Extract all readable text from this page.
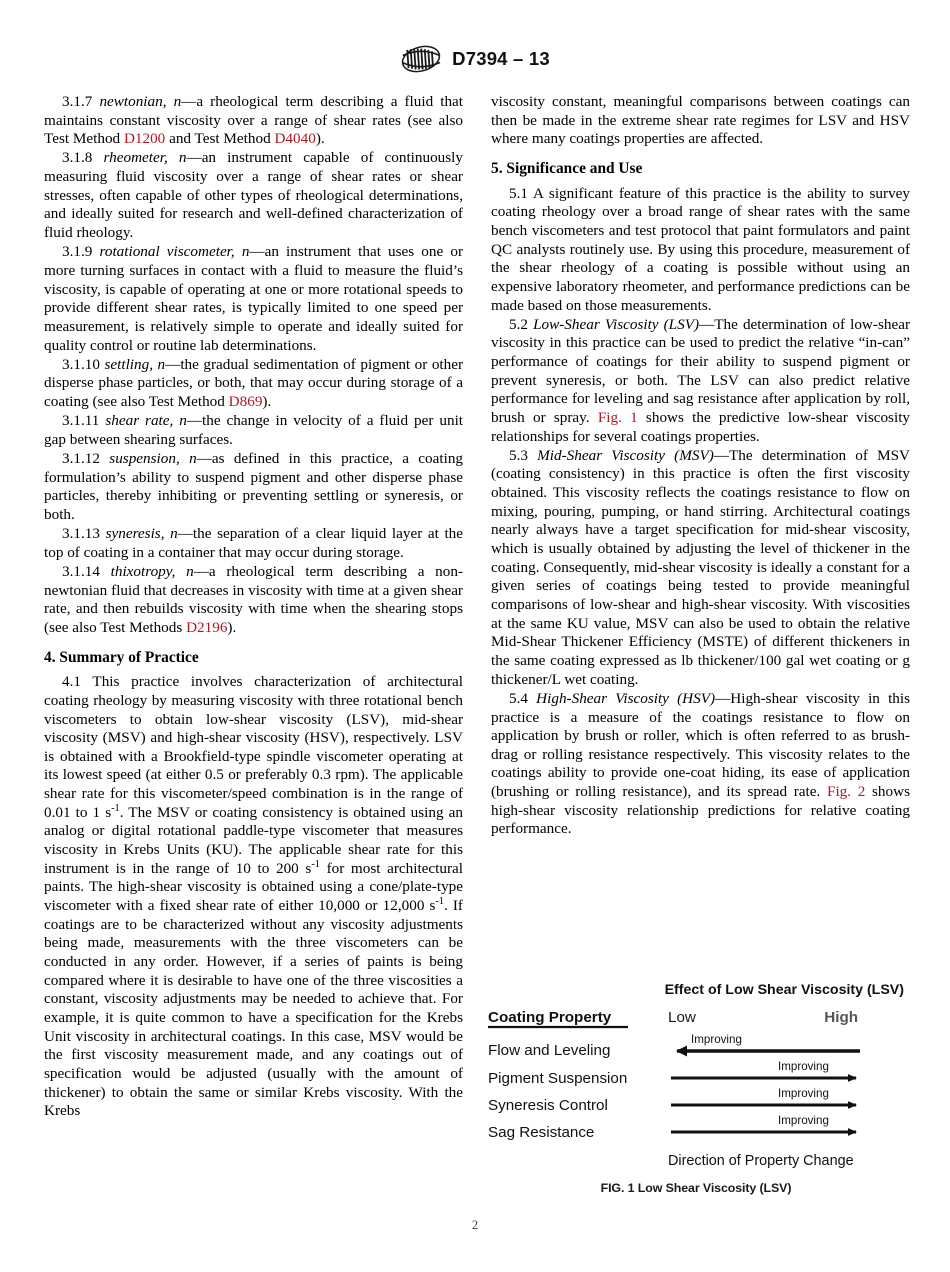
D7394 – 13

3.1.7 newtonian, n—a rheological term describing a fluid that maintains constant viscosity over a range of shear rates (see also Test Method D1200 and Test Method D4040).

3.1.8 rheometer, n—an instrument capable of continuously measuring fluid viscosity over a range of shear rates or shear stresses, often capable of other types of rheological determinations, and ideally suited for research and well-defined characterization of fluid rheology.

3.1.9 rotational viscometer, n—an instrument that uses one or more turning surfaces in contact with a fluid to measure the fluid’s viscosity, is capable of operating at one or more rotational speeds to provide different shear rates, is typically limited to one speed per measurement, is relatively simple to operate and ideally suited for quality control or routine lab determinations.

3.1.10 settling, n—the gradual sedimentation of pigment or other disperse phase particles, or both, that may occur during storage of a coating (see also Test Method D869).

3.1.11 shear rate, n—the change in velocity of a fluid per unit gap between shearing surfaces.

3.1.12 suspension, n—as defined in this practice, a coating formulation’s ability to suspend pigment and other disperse phase particles, thereby inhibiting or preventing settling or syneresis, or both.

3.1.13 syneresis, n—the separation of a clear liquid layer at the top of coating in a container that may occur during storage.

3.1.14 thixotropy, n—a rheological term describing a non-newtonian fluid that decreases in viscosity with time at a given shear rate, and then rebuilds viscosity with time when the shearing stops (see also Test Methods D2196).

4. Summary of Practice

4.1 This practice involves characterization of architectural coating rheology by measuring viscosity with three rotational bench viscometers to obtain low-shear viscosity (LSV), mid-shear viscosity (MSV) and high-shear viscosity (HSV), respectively. LSV is obtained with a Brookfield-type spindle viscometer operating at its lowest speed (at either 0.5 or preferably 0.3 rpm). The applicable shear rate for this viscometer/speed combination is in the range of 0.01 to 1 $s^{-1}$. The MSV or coating consistency is obtained using an analog or digital rotational paddle-type viscometer that measures viscosity in Krebs Units (KU). The applicable shear rate for this instrument is in the range of 10 to 200 $s^{-1}$ for most architectural paints. The high-shear viscosity is obtained using a cone/plate-type viscometer with a fixed shear rate of either 10,000 or 12,000 $s^{-1}$. If coatings are to be characterized without any viscosity adjustments being made, measurements with the three viscometers can be conducted in any order. However, if a series of paints is being compared where it is desirable to have one of the three viscosities a constant, viscosity adjustments may be needed to achieve that. For example, it is quite common to have a specification for the Krebs Unit viscosity in architectural coatings. In this case, MSV would be the first viscosity measurement made, and any coatings out of specification would be adjusted (usually with the amount of thickener) to obtain the same or similar Krebs viscosity. With the Krebs

viscosity constant, meaningful comparisons between coatings can then be made in the extreme shear rate regimes for LSV and HSV where many coatings properties are affected.

5. Significance and Use

5.1 A significant feature of this practice is the ability to survey coating rheology over a broad range of shear rates with the same bench viscometers and test protocol that paint formulators and paint QC analysts routinely use. By using this procedure, measurement of the shear rheology of a coating is possible without using an expensive laboratory rheometer, and performance predictions can be made based on those measurements.

5.2 Low-Shear Viscosity (LSV)—The determination of low-shear viscosity in this practice can be used to predict the relative “in-can” performance of coatings for their ability to suspend pigment or prevent syneresis, or both. The LSV can also predict relative performance for leveling and sag resistance after application by roll, brush or spray. Fig. 1 shows the predictive low-shear viscosity relationships for several coatings properties.

5.3 Mid-Shear Viscosity (MSV)—The determination of MSV (coating consistency) in this practice is often the first viscosity obtained. This viscosity reflects the coatings resistance to flow on mixing, pouring, pumping, or hand stirring. Architectural coatings nearly always have a target specification for mid-shear viscosity, which is usually obtained by adjusting the level of thickener in the coating. Consequently, mid-shear viscosity is ideally a constant for a given series of coatings being tested to provide meaningful comparisons of low-shear and high-shear viscosity. With viscosities at the same KU value, MSV can also be used to obtain the relative Mid-Shear Thickener Efficiency (MSTE) of different thickeners in the same coating expressed as lb thickener/100 gal wet coating or g thickener/L wet coating.

5.4 High-Shear Viscosity (HSV)—High-shear viscosity in this practice is a measure of the coatings resistance to flow on application by brush or roller, which is often referred to as brush-drag or rolling resistance respectively. This viscosity relates to the coatings ability to provide one-coat hiding, its ease of application (brushing or rolling resistance), and its spread rate. Fig. 2 shows high-shear viscosity relationship predictions for relative coating performance.

Effect of Low Shear Viscosity (LSV)
Coating Property	Low	High
Flow and Leveling
Improving
Pigment Suspension
Improving
Syneresis Control
Improving
Sag Resistance
Improving
Direction of Property Change
FIG. 1 Low Shear Viscosity (LSV)
2
